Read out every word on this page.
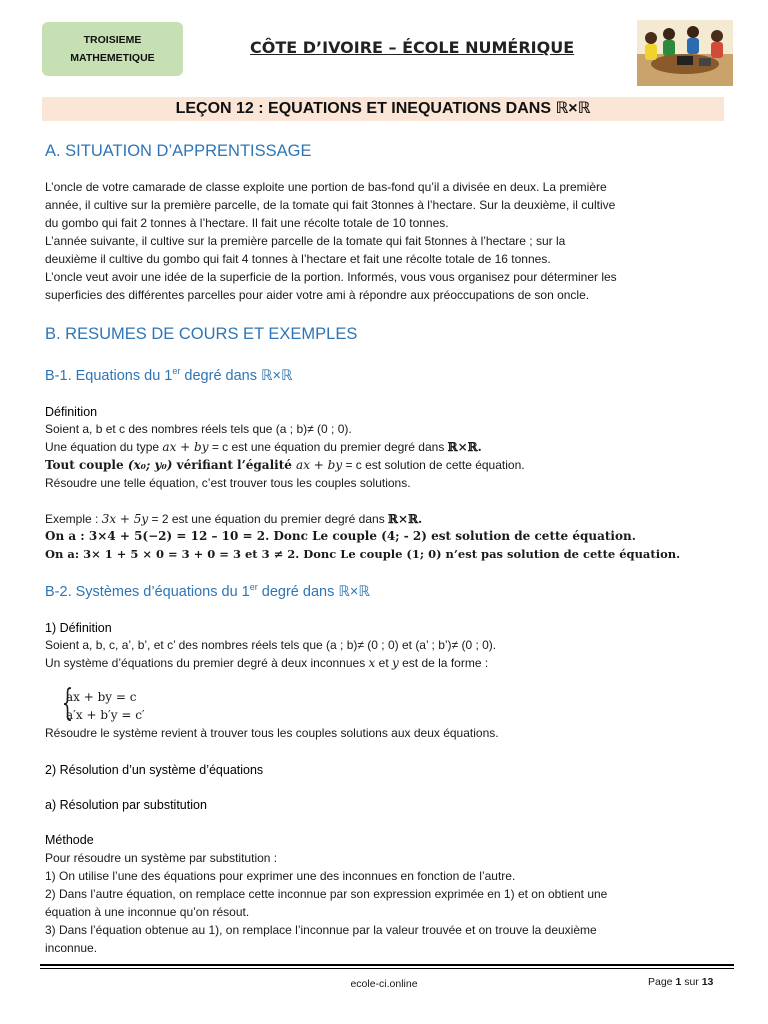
TROISIEME
MATHEMETIQUE
CÔTE D’IVOIRE – ÉCOLE NUMÉRIQUE
LEÇON 12 : EQUATIONS ET INEQUATIONS DANS ℝ×ℝ
A. SITUATION D’APPRENTISSAGE
L’oncle de votre camarade de classe exploite une portion de bas-fond qu’il a divisée en deux. La première
année, il cultive sur la première parcelle, de la tomate qui fait 3tonnes à l’hectare. Sur la deuxième, il cultive
du gombo qui fait 2 tonnes à l’hectare. Il fait une récolte totale de 10 tonnes.
L’année suivante, il cultive sur la première parcelle de la tomate qui fait 5tonnes à l’hectare ; sur la
deuxième il cultive du gombo qui fait 4 tonnes à l’hectare et fait une récolte totale de 16 tonnes.
L’oncle veut avoir une idée de la superficie de la portion. Informés, vous vous organisez pour déterminer les
superficies des différentes parcelles pour aider votre ami à répondre aux préoccupations de son oncle.
B. RESUMES DE COURS ET EXEMPLES
B-1. Equations du 1er degré dans ℝ×ℝ
Définition
Soient a, b et c des nombres réels tels que (a ; b)≠ (0 ; 0).
Une équation du type ax + by = c est une équation du premier degré dans ℝ×ℝ.
Tout couple (x₀; y₀) vérifiant l’égalité ax + by = c est solution de cette équation.
Résoudre une telle équation, c’est trouver tous les couples solutions.
Exemple : 3x + 5y = 2 est une équation du premier degré dans ℝ×ℝ.
On a : 3×4 + 5(−2) = 12 – 10 = 2. Donc Le couple (4; - 2) est solution de cette équation.
On a: 3× 1 + 5 × 0 = 3 + 0 = 3 et 3 ≠ 2. Donc Le couple (1; 0) n’est pas solution de cette équation.
B-2. Systèmes d’équations du 1er degré dans ℝ×ℝ
1) Définition
Soient a, b, c, a’, b’, et c’ des nombres réels tels que (a ; b)≠ (0 ; 0) et (a’ ; b’)≠ (0 ; 0).
Un système d’équations du premier degré à deux inconnues x et y est de la forme :
{
ax + by = c
a′x + b′y = c′
Résoudre le système revient à trouver tous les couples solutions aux deux équations.
2) Résolution d’un système d’équations
a) Résolution par substitution
Méthode
Pour résoudre un système par substitution :
1) On utilise l’une des équations pour exprimer une des inconnues en fonction de l’autre.
2) Dans l’autre équation, on remplace cette inconnue par son expression exprimée en 1) et on obtient une
équation à une inconnue qu’on résout.
3) Dans l’équation obtenue au 1), on remplace l’inconnue par la valeur trouvée et on trouve la deuxième
inconnue.
ecole-ci.online	Page 1 sur 13
